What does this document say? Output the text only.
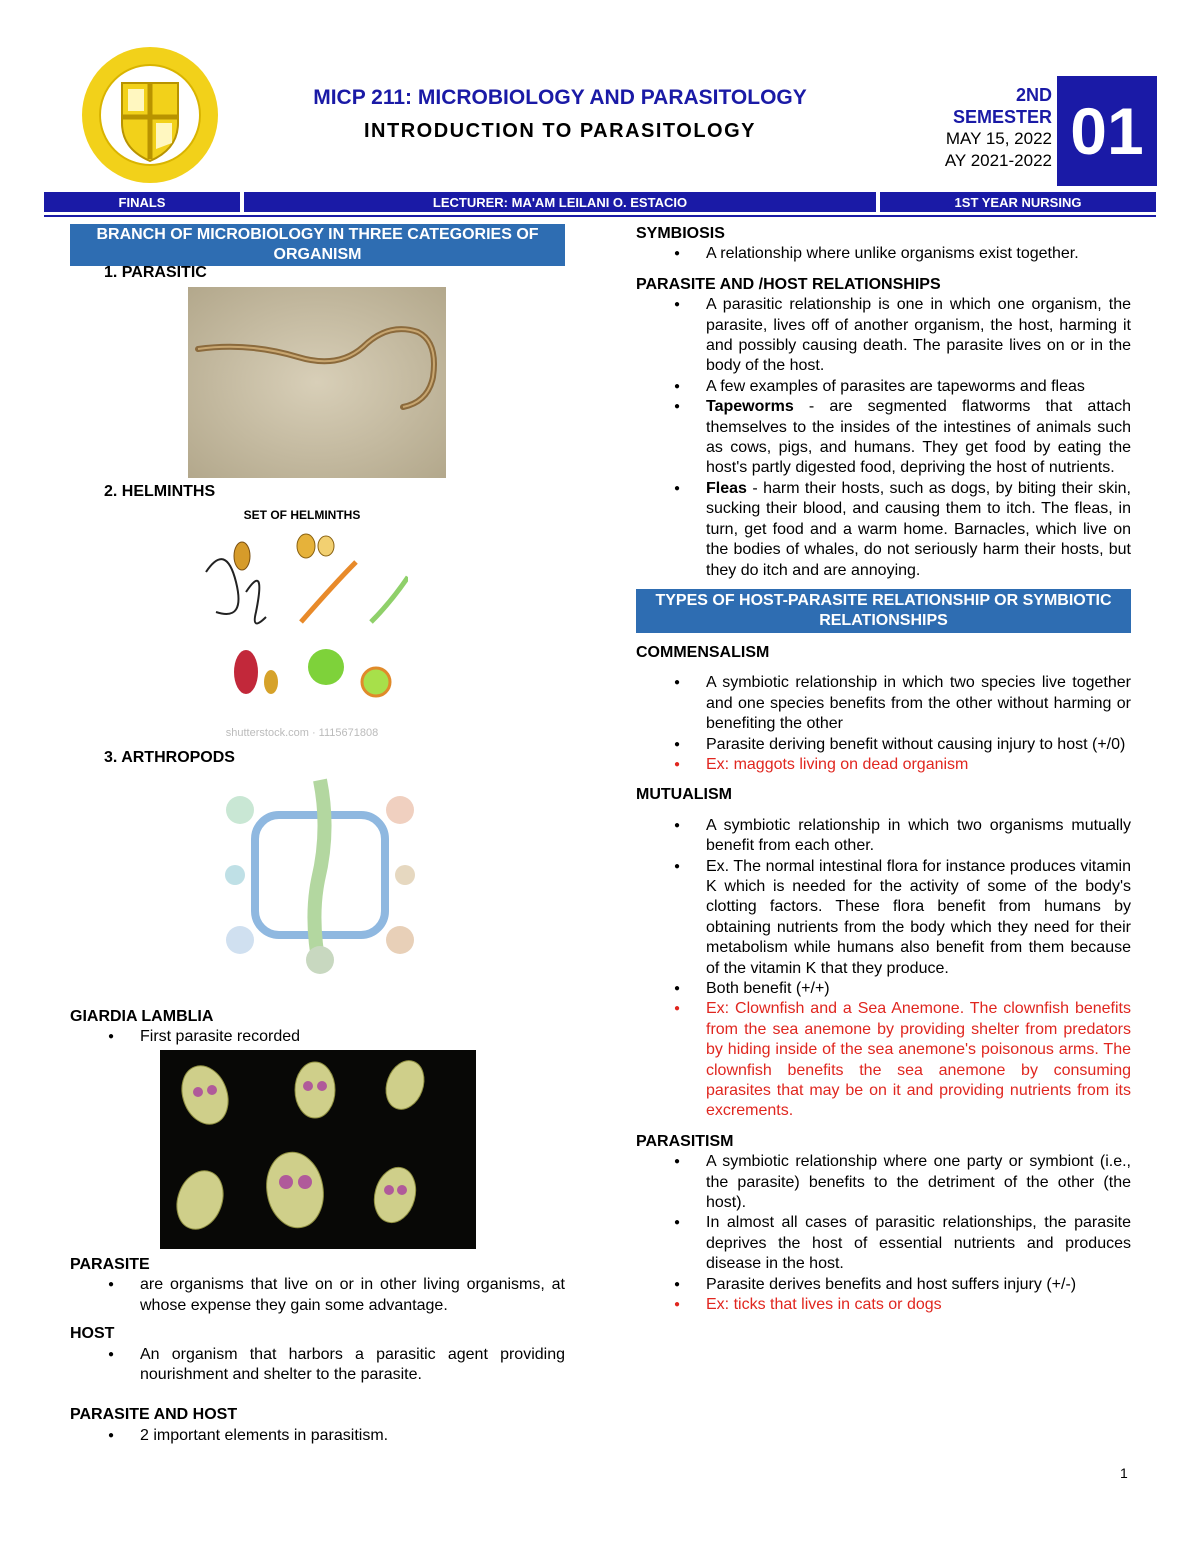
MICP 211: MICROBIOLOGY AND PARASITOLOGY
INTRODUCTION TO PARASITOLOGY
2ND
SEMESTER
MAY 15, 2022
AY 2021-2022 01
FINALS	LECTURER: MA'AM LEILANI O. ESTACIO	1ST YEAR NURSING
BRANCH OF MICROBIOLOGY IN THREE CATEGORIES OF ORGANISM
1. PARASITIC
2. HELMINTHS
SET OF HELMINTHS
shutterstock.com · 1115671808
3. ARTHROPODS
GIARDIA LAMBLIA
● First parasite recorded
PARASITE
● are organisms that live on or in other living organisms, at whose expense they gain some advantage.
HOST
● An organism that harbors a parasitic agent providing nourishment and shelter to the parasite.
PARASITE AND HOST
● 2 important elements in parasitism.
SYMBIOSIS
● A relationship where unlike organisms exist together.
PARASITE AND /HOST RELATIONSHIPS
● A parasitic relationship is one in which one organism, the parasite, lives off of another organism, the host, harming it and possibly causing death. The parasite lives on or in the body of the host.
● A few examples of parasites are tapeworms and fleas
● Tapeworms - are segmented flatworms that attach themselves to the insides of the intestines of animals such as cows, pigs, and humans. They get food by eating the host's partly digested food, depriving the host of nutrients.
● Fleas - harm their hosts, such as dogs, by biting their skin, sucking their blood, and causing them to itch. The fleas, in turn, get food and a warm home. Barnacles, which live on the bodies of whales, do not seriously harm their hosts, but they do itch and are annoying.
TYPES OF HOST-PARASITE RELATIONSHIP OR SYMBIOTIC RELATIONSHIPS
COMMENSALISM
● A symbiotic relationship in which two species live together and one species benefits from the other without harming or benefiting the other
● Parasite deriving benefit without causing injury to host (+/0)
● Ex: maggots living on dead organism
MUTUALISM
● A symbiotic relationship in which two organisms mutually benefit from each other.
● Ex. The normal intestinal flora for instance produces vitamin K which is needed for the activity of some of the body's clotting factors. These flora benefit from humans by obtaining nutrients from the body which they need for their metabolism while humans also benefit from them because of the vitamin K that they produce.
● Both benefit (+/+)
● Ex: Clownfish and a Sea Anemone. The clownfish benefits from the sea anemone by providing shelter from predators by hiding inside of the sea anemone's poisonous arms. The clownfish benefits the sea anemone by consuming parasites that may be on it and providing nutrients from its excrements.
PARASITISM
● A symbiotic relationship where one party or symbiont (i.e., the parasite) benefits to the detriment of the other (the host).
● In almost all cases of parasitic relationships, the parasite deprives the host of essential nutrients and produces disease in the host.
● Parasite derives benefits and host suffers injury (+/-)
● Ex: ticks that lives in cats or dogs
1
